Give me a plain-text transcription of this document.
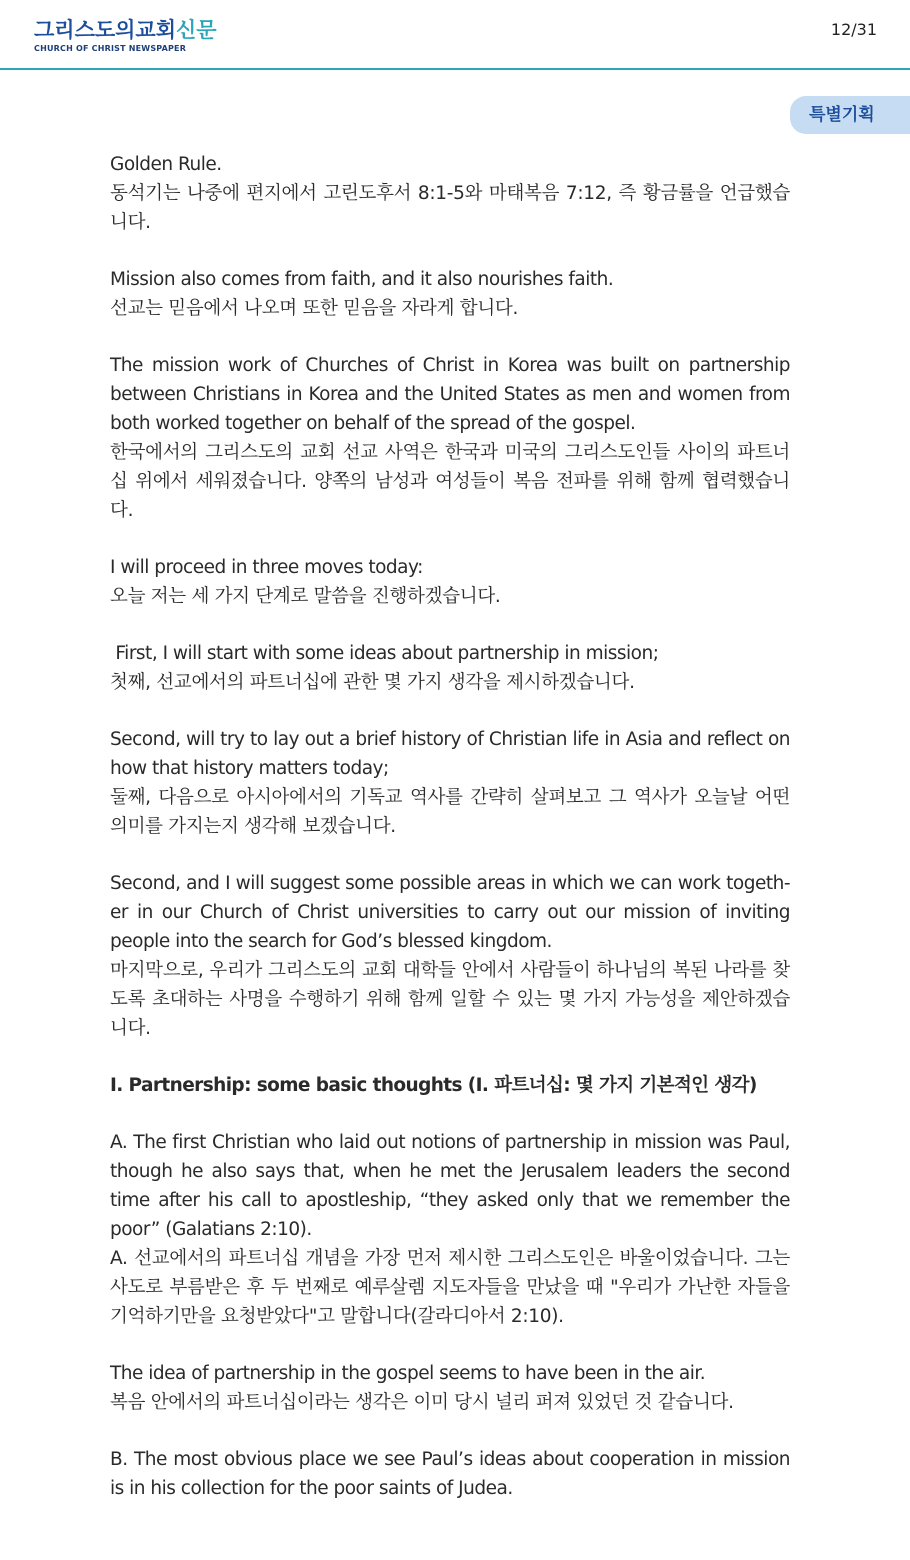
그리스도의교회신문
CHURCH OF CHRIST NEWSPAPER
12/31
특별기획

Golden Rule.

동석기는 나중에 편지에서 고린도후서 8:1-5와 마태복음 7:12, 즉 황금률을 언급했습니다.

Mission also comes from faith, and it also nourishes faith.

선교는 믿음에서 나오며 또한 믿음을 자라게 합니다.

The mission work of Churches of Christ in Korea was built on partnership between Christians in Korea and the United States as men and women from both worked together on behalf of the spread of the gospel.

한국에서의 그리스도의 교회 선교 사역은 한국과 미국의 그리스도인들 사이의 파트너십 위에서 세워졌습니다. 양쪽의 남성과 여성들이 복음 전파를 위해 함께 협력했습니다.

I will proceed in three moves today:

오늘 저는 세 가지 단계로 말씀을 진행하겠습니다.

First, I will start with some ideas about partnership in mission;

첫째, 선교에서의 파트너십에 관한 몇 가지 생각을 제시하겠습니다.

Second, will try to lay out a brief history of Christian life in Asia and reflect on how that history matters today;

둘째, 다음으로 아시아에서의 기독교 역사를 간략히 살펴보고 그 역사가 오늘날 어떤 의미를 가지는지 생각해 보겠습니다.

Second, and I will suggest some possible areas in which we can work togeth-er in our Church of Christ universities to carry out our mission of inviting people into the search for God’s blessed kingdom.

마지막으로, 우리가 그리스도의 교회 대학들 안에서 사람들이 하나님의 복된 나라를 찾도록 초대하는 사명을 수행하기 위해 함께 일할 수 있는 몇 가지 가능성을 제안하겠습니다.

I. Partnership: some basic thoughts (I. 파트너십: 몇 가지 기본적인 생각)

A. The first Christian who laid out notions of partnership in mission was Paul, though he also says that, when he met the Jerusalem leaders the second time after his call to apostleship, “they asked only that we remember the poor” (Galatians 2:10).

A. 선교에서의 파트너십 개념을 가장 먼저 제시한 그리스도인은 바울이었습니다. 그는 사도로 부름받은 후 두 번째로 예루살렘 지도자들을 만났을 때 "우리가 가난한 자들을 기억하기만을 요청받았다"고 말합니다(갈라디아서 2:10).

The idea of partnership in the gospel seems to have been in the air.

복음 안에서의 파트너십이라는 생각은 이미 당시 널리 퍼져 있었던 것 같습니다.

B. The most obvious place we see Paul’s ideas about cooperation in mission is in his collection for the poor saints of Judea.
